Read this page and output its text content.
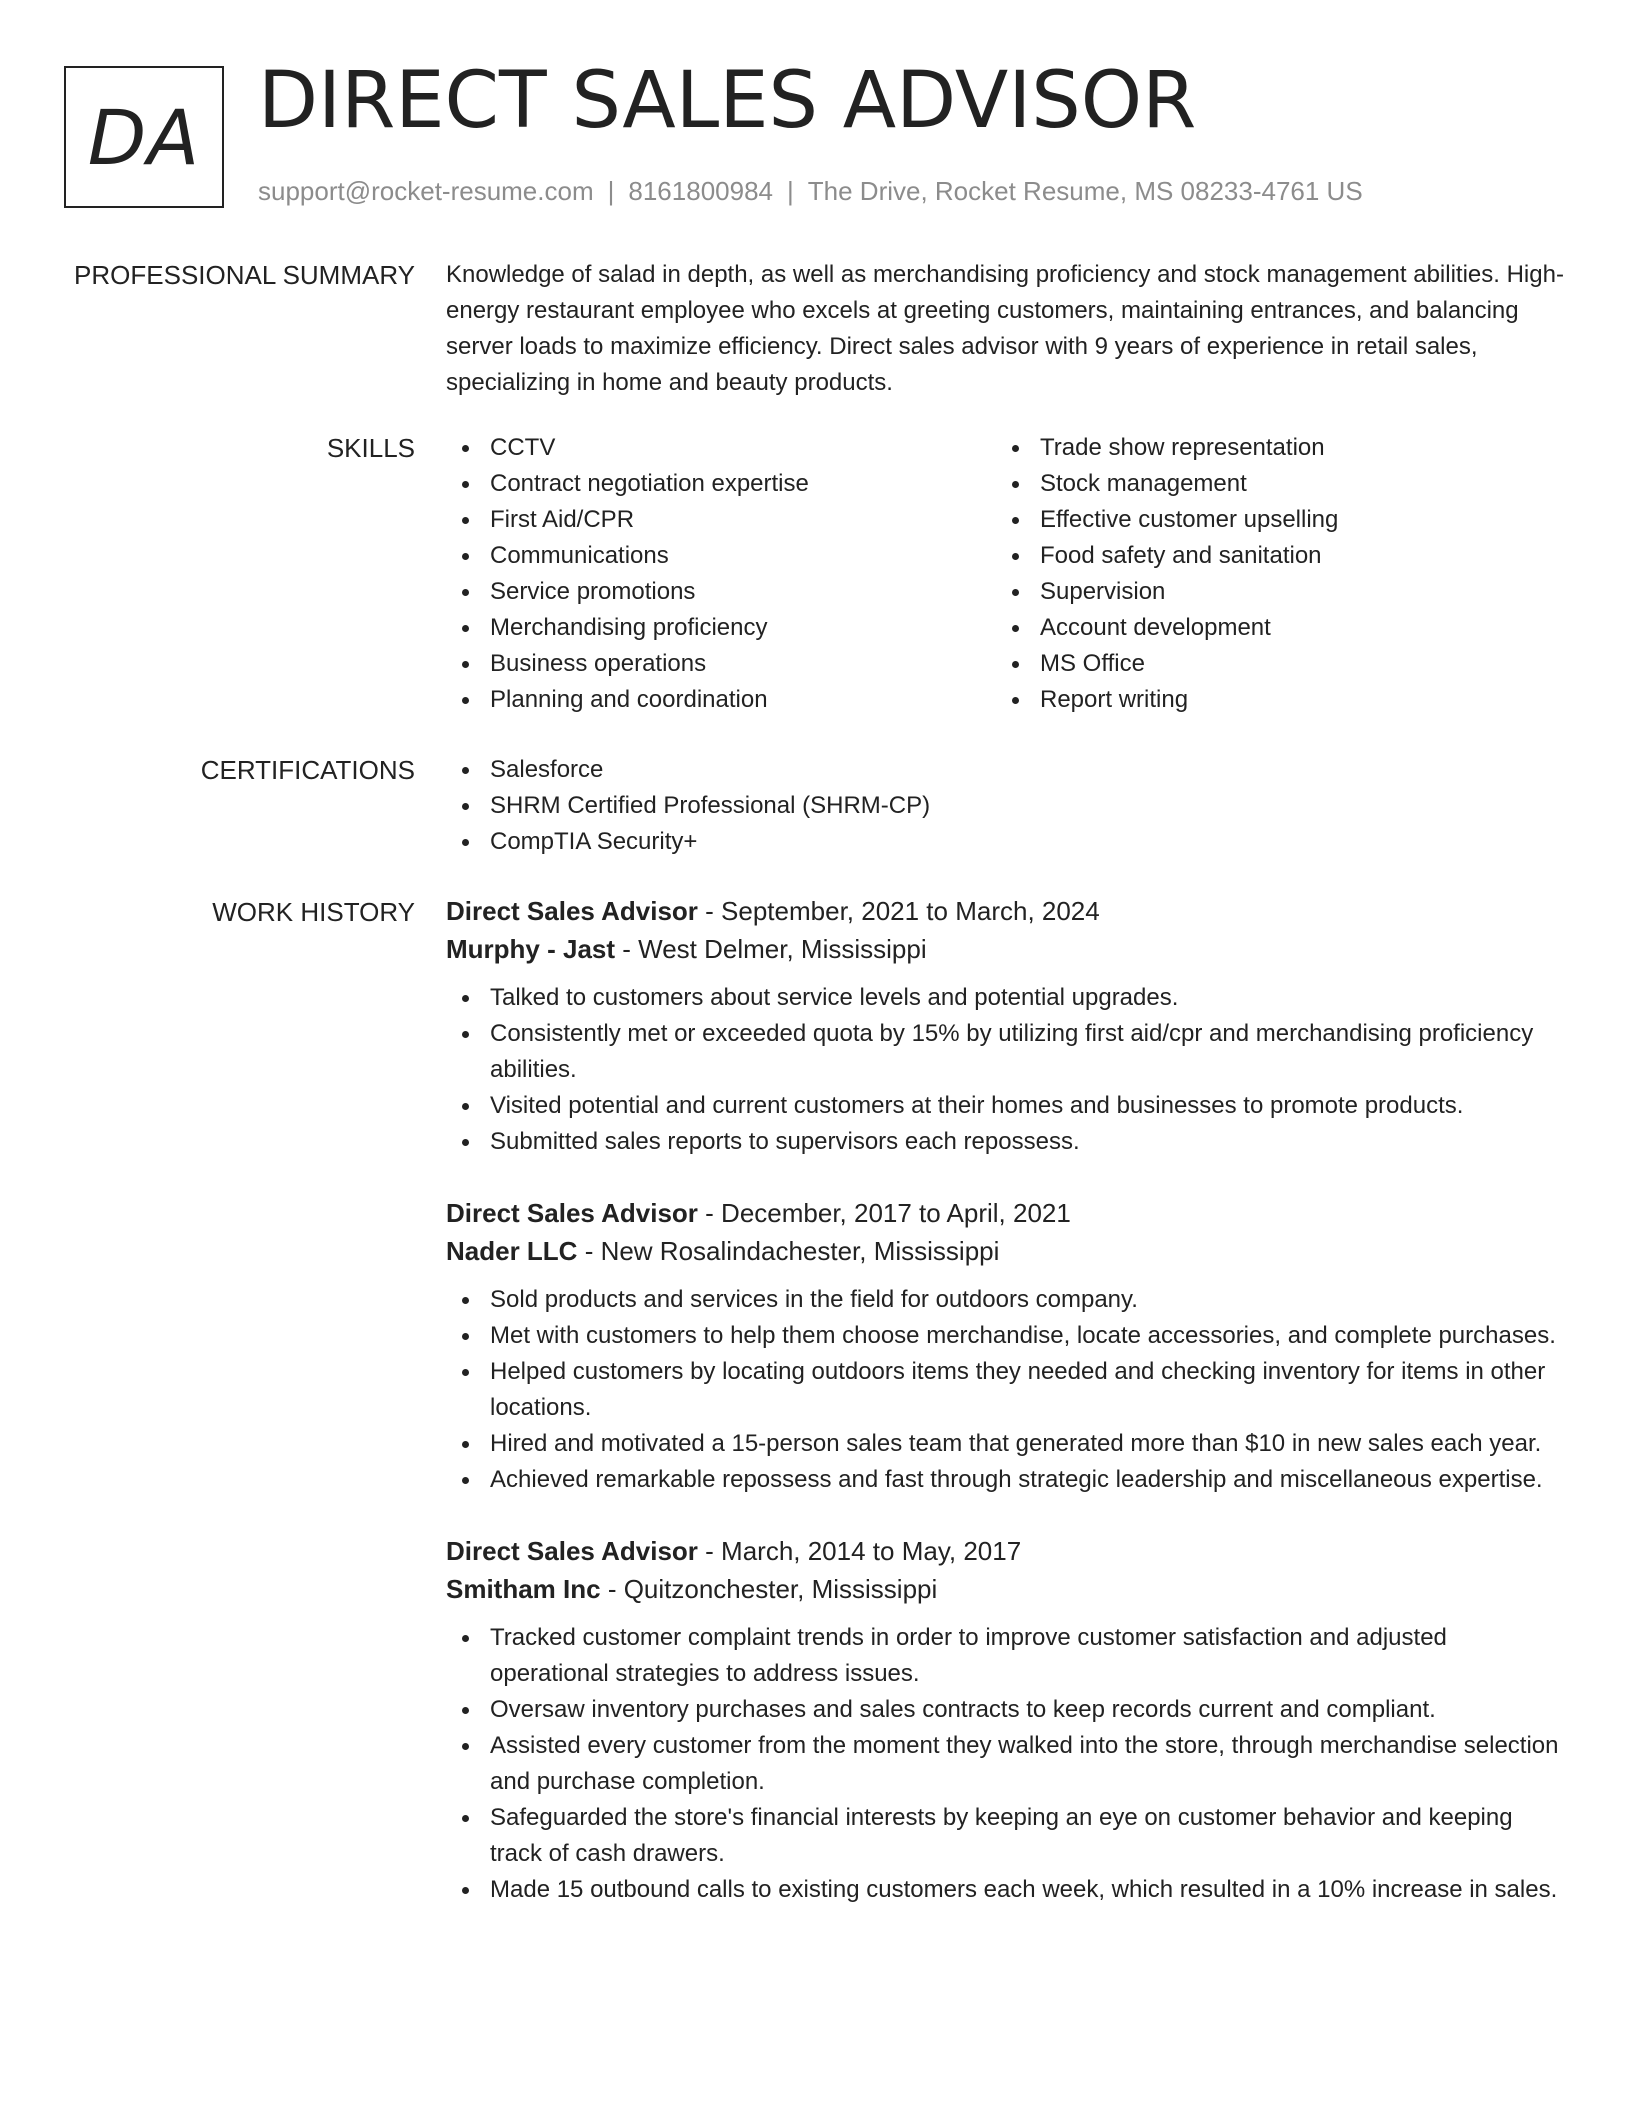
DA DIRECT SALES ADVISOR
support@rocket-resume.com | 8161800984 | The Drive, Rocket Resume, MS 08233-4761 US
PROFESSIONAL SUMMARY Knowledge of salad in depth, as well as merchandising proficiency and stock management abilities. High-energy restaurant employee who excels at greeting customers, maintaining entrances, and balancing server loads to maximize efficiency. Direct sales advisor with 9 years of experience in retail sales, specializing in home and beauty products.

SKILLS	CCTV
Contract negotiation expertise
First Aid/CPR
Communications
Service promotions
Merchandising proficiency
Business operations
Planning and coordination
Trade show representation
Stock management
Effective customer upselling
Food safety and sanitation
Supervision
Account development
MS Office
Report writing
CERTIFICATIONS	Salesforce
SHRM Certified Professional (SHRM-CP)
CompTIA Security+
WORK HISTORY Direct Sales Advisor - September, 2021 to March, 2024
Murphy - Jast - West Delmer, Mississippi
Talked to customers about service levels and potential upgrades.
Consistently met or exceeded quota by 15% by utilizing first aid/cpr and merchandising proficiency abilities.
Visited potential and current customers at their homes and businesses to promote products.
Submitted sales reports to supervisors each repossess.
Direct Sales Advisor - December, 2017 to April, 2021
Nader LLC - New Rosalindachester, Mississippi
Sold products and services in the field for outdoors company.
Met with customers to help them choose merchandise, locate accessories, and complete purchases.
Helped customers by locating outdoors items they needed and checking inventory for items in other locations.
Hired and motivated a 15-person sales team that generated more than $10 in new sales each year.
Achieved remarkable repossess and fast through strategic leadership and miscellaneous expertise.
Direct Sales Advisor - March, 2014 to May, 2017
Smitham Inc - Quitzonchester, Mississippi
Tracked customer complaint trends in order to improve customer satisfaction and adjusted operational strategies to address issues.
Oversaw inventory purchases and sales contracts to keep records current and compliant.
Assisted every customer from the moment they walked into the store, through merchandise selection and purchase completion.
Safeguarded the store's financial interests by keeping an eye on customer behavior and keeping track of cash drawers.
Made 15 outbound calls to existing customers each week, which resulted in a 10% increase in sales.
